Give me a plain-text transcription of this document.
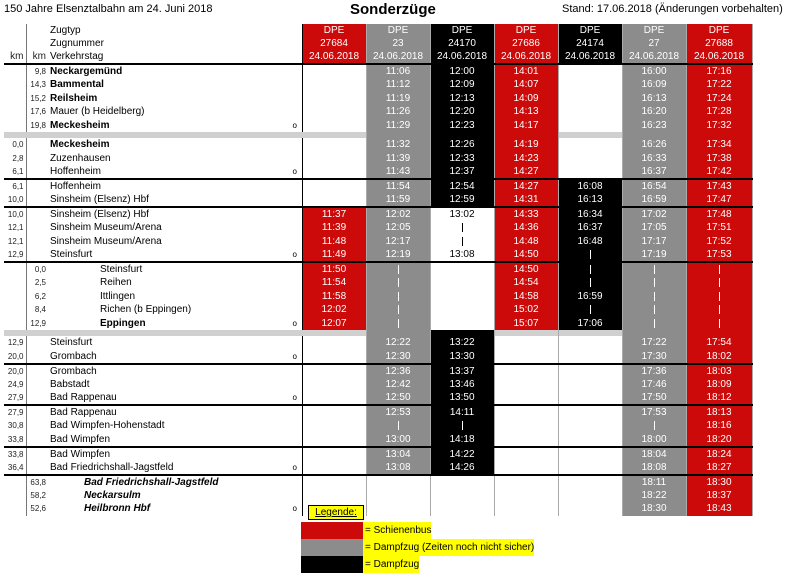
150 Jahre Elsenztalbahn am 24. Juni 2018	Sonderzüge	Stand: 17.06.2018 (Änderungen vorbehalten)
		Zugtyp		DPE	DPE	DPE	DPE	DPE	DPE	DPE
		Zugnummer		27684	23	24170	27686	24174	27	27688
km	km	Verkehrstag		24.06.2018	24.06.2018	24.06.2018	24.06.2018	24.06.2018	24.06.2018	24.06.2018
	9,8	Neckargemünd			11:06	12:00	14:01		16:00	17:16
	14,3	Bammental			11:12	12:09	14:07		16:09	17:22
	15,2	Reilsheim			11:19	12:13	14:09		16:13	17:24
	17,6	Mauer (b Heidelberg)			11:26	12:20	14:13		16:20	17:28
	19,8	Meckesheim	o		11:29	12:23	14:17		16:23	17:32

0,0		Meckesheim			11:32	12:26	14:19		16:26	17:34
2,8		Zuzenhausen			11:39	12:33	14:23		16:33	17:38
6,1		Hoffenheim	o		11:43	12:37	14:27		16:37	17:42
6,1		Hoffenheim			11:54	12:54	14:27	16:08	16:54	17:43
10,0		Sinsheim (Elsenz) Hbf			11:59	12:59	14:31	16:13	16:59	17:47
10,0		Sinsheim (Elsenz) Hbf		11:37	12:02	13:02	14:33	16:34	17:02	17:48
12,1		Sinsheim Museum/Arena		11:39	12:05		14:36	16:37	17:05	17:51
12,1		Sinsheim Museum/Arena		11:48	12:17		14:48	16:48	17:17	17:52
12,9		Steinsfurt	o	11:49	12:19	13:08	14:50		17:19	17:53
	0,0	Steinsfurt		11:50			14:50			
	2,5	Reihen		11:54			14:54			
	6,2	Ittlingen		11:58			14:58	16:59		
	8,4	Richen (b Eppingen)		12:02			15:02			
	12,9	Eppingen	o	12:07			15:07	17:06		

12,9		Steinsfurt			12:22	13:22			17:22	17:54
20,0		Grombach	o		12:30	13:30			17:30	18:02
20,0		Grombach			12:36	13:37			17:36	18:03
24,9		Babstadt			12:42	13:46			17:46	18:09
27,9		Bad Rappenau	o		12:50	13:50			17:50	18:12
27,9		Bad Rappenau			12:53	14:11			17:53	18:13
30,8		Bad Wimpfen-Hohenstadt								18:16
33,8		Bad Wimpfen			13:00	14:18			18:00	18:20
33,8		Bad Wimpfen			13:04	14:22			18:04	18:24
36,4		Bad Friedrichshall-Jagstfeld	o		13:08	14:26			18:08	18:27
	63,8	Bad Friedrichshall-Jagstfeld							18:11	18:30
	58,2	Neckarsulm							18:22	18:37
	52,6	Heilbronn Hbf	o						18:30	18:43
Legende:
= Schienenbus
= Dampfzug (Zeiten noch nicht sicher)
= Dampfzug
